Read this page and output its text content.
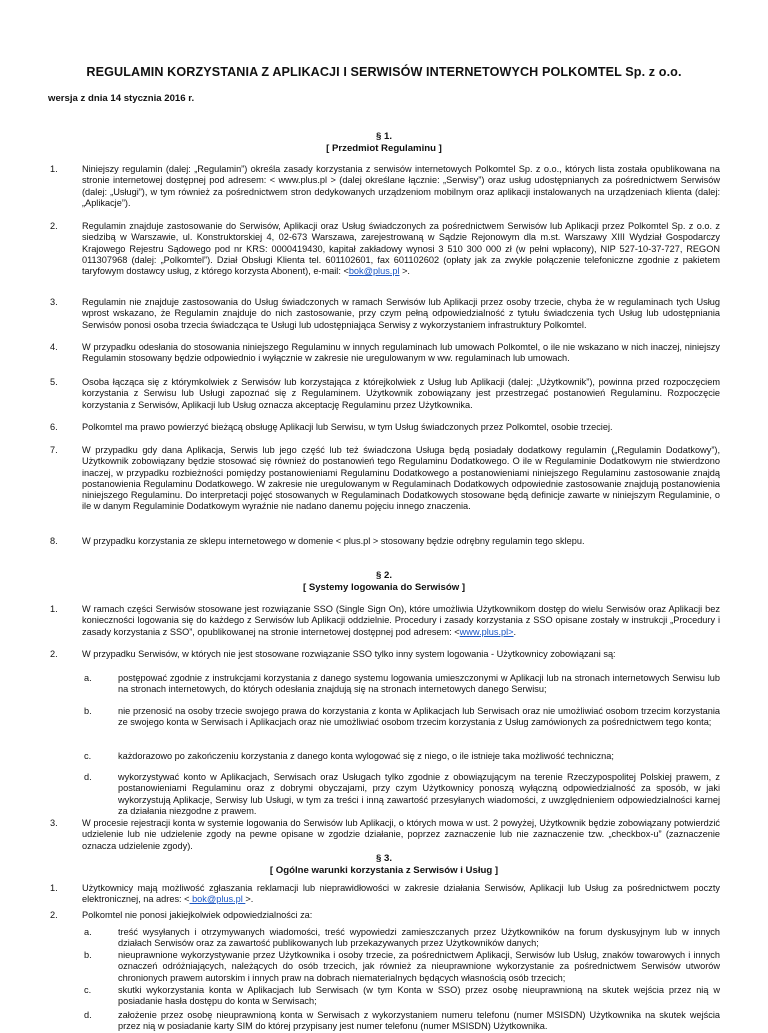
REGULAMIN KORZYSTANIA Z APLIKACJI I SERWISÓW INTERNETOWYCH POLKOMTEL Sp. z o.o.
wersja z dnia 14 stycznia 2016 r.
§ 1.
[ Przedmiot Regulaminu ]
1.	Niniejszy regulamin (dalej: „Regulamin”) określa zasady korzystania z serwisów internetowych Polkomtel Sp. z o.o., których lista została opublikowana na stronie internetowej dostępnej pod adresem: < www.plus.pl > (dalej określane łącznie: „Serwisy”) oraz usług udostępnianych za pośrednictwem Serwisów (dalej: „Usługi”), w tym również za pośrednictwem stron dedykowanych urządzeniom mobilnym oraz aplikacji instalowanych na urządzeniach klienta (dalej: „Aplikacje”).
2.	Regulamin znajduje zastosowanie do Serwisów, Aplikacji oraz Usług świadczonych za pośrednictwem Serwisów lub Aplikacji przez Polkomtel Sp. z o.o. z siedzibą w Warszawie, ul. Konstruktorskiej 4, 02-673 Warszawa, zarejestrowaną w Sądzie Rejonowym dla m.st. Warszawy XIII Wydział Gospodarczy Krajowego Rejestru Sądowego pod nr KRS: 0000419430, kapitał zakładowy wynosi 3 510 300 000 zł (w pełni wpłacony), NIP 527-10-37-727, REGON 011307968 (dalej: „Polkomtel”). Dział Obsługi Klienta tel. 601102601, fax 601102602 (opłaty jak za zwykłe połączenie telefoniczne zgodnie z pakietem taryfowym dostawcy usług, z którego korzysta Abonent), e-mail: <bok@plus.pl >.
3.	Regulamin nie znajduje zastosowania do Usług świadczonych w ramach Serwisów lub Aplikacji przez osoby trzecie, chyba że w regulaminach tych Usług wprost wskazano, że Regulamin znajduje do nich zastosowanie, przy czym pełną odpowiedzialność z tytułu świadczenia tych Usług lub udostępniania Serwisów ponosi osoba trzecia świadcząca te Usługi lub udostępniająca Serwisy z wykorzystaniem infrastruktury Polkomtel.
4.	W przypadku odesłania do stosowania niniejszego Regulaminu w innych regulaminach lub umowach Polkomtel, o ile nie wskazano w nich inaczej, niniejszy Regulamin stosowany będzie odpowiednio i wyłącznie w zakresie nie uregulowanym w ww. regulaminach lub umowach.
5.	Osoba łącząca się z którymkolwiek z Serwisów lub korzystająca z którejkolwiek z Usług lub Aplikacji (dalej: „Użytkownik”), powinna przed rozpoczęciem korzystania z Serwisu lub Usługi zapoznać się z Regulaminem. Użytkownik zobowiązany jest przestrzegać postanowień Regulaminu. Rozpoczęcie korzystania z Serwisów, Aplikacji lub Usług oznacza akceptację Regulaminu przez Użytkownika.
6.	Polkomtel ma prawo powierzyć bieżącą obsługę Aplikacji lub Serwisu, w tym Usług świadczonych przez Polkomtel, osobie trzeciej.
7.	W przypadku gdy dana Aplikacja, Serwis lub jego część lub też świadczona Usługa będą posiadały dodatkowy regulamin („Regulamin Dodatkowy”), Użytkownik zobowiązany będzie stosować się również do postanowień tego Regulaminu Dodatkowego. O ile w Regulaminie Dodatkowym nie stwierdzono inaczej, w przypadku rozbieżności pomiędzy postanowieniami Regulaminu Dodatkowego a postanowieniami niniejszego Regulaminu zastosowanie znajdą postanowienia Regulaminu Dodatkowego. W zakresie nie uregulowanym w Regulaminach Dodatkowych odpowiednie zastosowanie znajdują postanowienia niniejszego Regulaminu. Do interpretacji pojęć stosowanych w Regulaminach Dodatkowych stosowane będą definicje zawarte w niniejszym Regulaminie, o ile w danym Regulaminie Dodatkowym wyraźnie nie nadano danemu pojęciu innego znaczenia.
8.	W przypadku korzystania ze sklepu internetowego w domenie < plus.pl > stosowany będzie odrębny regulamin tego sklepu.
§ 2.
[ Systemy logowania do Serwisów ]
1.	W ramach części Serwisów stosowane jest rozwiązanie SSO (Single Sign On), które umożliwia Użytkownikom dostęp do wielu Serwisów oraz Aplikacji bez konieczności logowania się do każdego z Serwisów lub Aplikacji oddzielnie. Procedury i zasady korzystania z SSO opisane zostały w instrukcji „Procedury i zasady korzystania z SSO”, opublikowanej na stronie internetowej dostępnej pod adresem: <www.plus.pl>.
2.	W przypadku Serwisów, w których nie jest stosowane rozwiązanie SSO tylko inny system logowania - Użytkownicy zobowiązani są:
a.	postępować zgodnie z instrukcjami korzystania z danego systemu logowania umieszczonymi w Aplikacji lub na stronach internetowych Serwisu lub na stronach internetowych, do których odesłania znajdują się na stronach internetowych danego Serwisu;
b.	nie przenosić na osoby trzecie swojego prawa do korzystania z konta w Aplikacjach lub Serwisach oraz nie umożliwiać osobom trzecim korzystania ze swojego konta w Serwisach i Aplikacjach oraz nie umożliwiać osobom trzecim korzystania z Usług zamówionych za pośrednictwem tego konta;
c.	każdorazowo po zakończeniu korzystania z danego konta wylogować się z niego, o ile istnieje taka możliwość techniczna;
d.	wykorzystywać konto w Aplikacjach, Serwisach oraz Usługach tylko zgodnie z obowiązującym na terenie Rzeczypospolitej Polskiej prawem, z postanowieniami Regulaminu oraz z dobrymi obyczajami, przy czym Użytkownicy ponoszą wyłączną odpowiedzialność za sposób, w jaki wykorzystują Aplikacje, Serwisy lub Usługi, w tym za treści i inną zawartość przesyłanych wiadomości, z uwzględnieniem odpowiedzialności karnej za działania niezgodne z prawem.
3.	W procesie rejestracji konta w systemie logowania do Serwisów lub Aplikacji, o których mowa w ust. 2 powyżej, Użytkownik będzie zobowiązany potwierdzić udzielenie lub nie udzielenie zgody na pewne opisane w zgodzie działanie, poprzez zaznaczenie lub nie zaznaczenie tzw. „checkbox-u” (zaznaczenie oznacza udzielenie zgody).
§ 3.
[ Ogólne warunki korzystania z Serwisów i Usług ]
1.	Użytkownicy mają możliwość zgłaszania reklamacji lub nieprawidłowości w zakresie działania Serwisów, Aplikacji lub Usług za pośrednictwem poczty elektronicznej, na adres: < bok@plus.pl >.
2.	Polkomtel nie ponosi jakiejkolwiek odpowiedzialności za:
a.	treść wysyłanych i otrzymywanych wiadomości, treść wypowiedzi zamieszczanych przez Użytkowników na forum dyskusyjnym lub w innych działach Serwisów oraz za zawartość publikowanych lub przekazywanych przez Użytkowników danych;
b.	nieuprawnione wykorzystywanie przez Użytkownika i osoby trzecie, za pośrednictwem Aplikacji, Serwisów lub Usług, znaków towarowych i innych oznaczeń odróżniających, należących do osób trzecich, jak również za nieuprawnione wykorzystanie za pośrednictwem Serwisów utworów chronionych prawem autorskim i innych praw na dobrach niematerialnych będących własnością osób trzecich;
c.	skutki wykorzystania konta w Aplikacjach lub Serwisach (w tym Konta w SSO) przez osobę nieuprawnioną na skutek wejścia przez nią w posiadanie hasła dostępu do konta w Serwisach;
d.	założenie przez osobę nieuprawnioną konta w Serwisach z wykorzystaniem numeru telefonu (numer MSISDN) Użytkownika na skutek wejścia przez nią w posiadanie karty SIM do której przypisany jest numer telefonu (numer MSISDN) Użytkownika.
